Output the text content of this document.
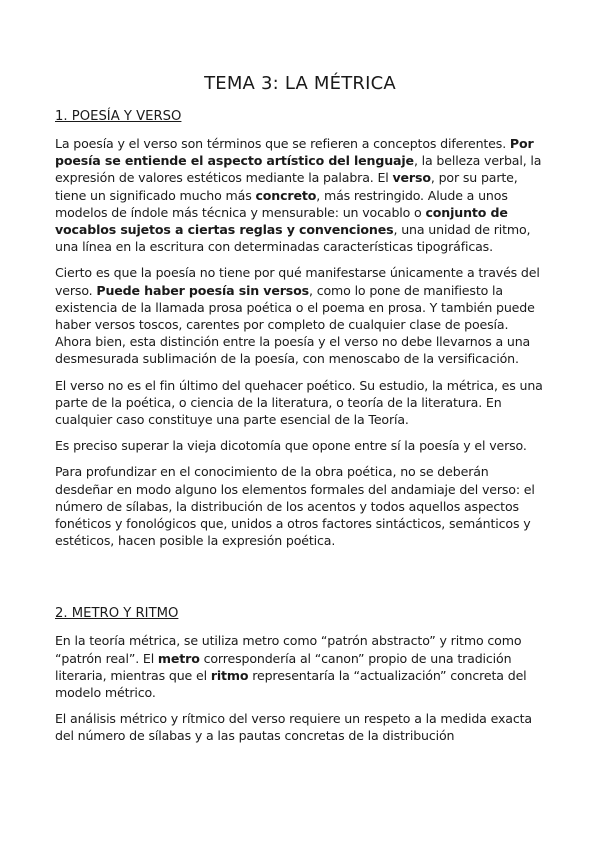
TEMA 3: LA MÉTRICA
1. POESÍA Y VERSO

La poesía y el verso son términos que se refieren a conceptos diferentes. Por poesía se entiende el aspecto artístico del lenguaje, la belleza verbal, la expresión de valores estéticos mediante la palabra. El verso, por su parte, tiene un significado mucho más concreto, más restringido. Alude a unos modelos de índole más técnica y mensurable: un vocablo o conjunto de vocablos sujetos a ciertas reglas y convenciones, una unidad de ritmo, una línea en la escritura con determinadas características tipográficas.

Cierto es que la poesía no tiene por qué manifestarse únicamente a través del verso. Puede haber poesía sin versos, como lo pone de manifiesto la existencia de la llamada prosa poética o el poema en prosa. Y también puede haber versos toscos, carentes por completo de cualquier clase de poesía. Ahora bien, esta distinción entre la poesía y el verso no debe llevarnos a una desmesurada sublimación de la poesía, con menoscabo de la versificación.

El verso no es el fin último del quehacer poético. Su estudio, la métrica, es una parte de la poética, o ciencia de la literatura, o teoría de la literatura. En cualquier caso constituye una parte esencial de la Teoría.

Es preciso superar la vieja dicotomía que opone entre sí la poesía y el verso.

Para profundizar en el conocimiento de la obra poética, no se deberán desdeñar en modo alguno los elementos formales del andamiaje del verso: el número de sílabas, la distribución de los acentos y todos aquellos aspectos fonéticos y fonológicos que, unidos a otros factores sintácticos, semánticos y estéticos, hacen posible la expresión poética.

2. METRO Y RITMO

En la teoría métrica, se utiliza metro como “patrón abstracto” y ritmo como “patrón real”. El metro correspondería al “canon” propio de una tradición literaria, mientras que el ritmo representaría la “actualización” concreta del modelo métrico.

El análisis métrico y rítmico del verso requiere un respeto a la medida exacta del número de sílabas y a las pautas concretas de la distribución
